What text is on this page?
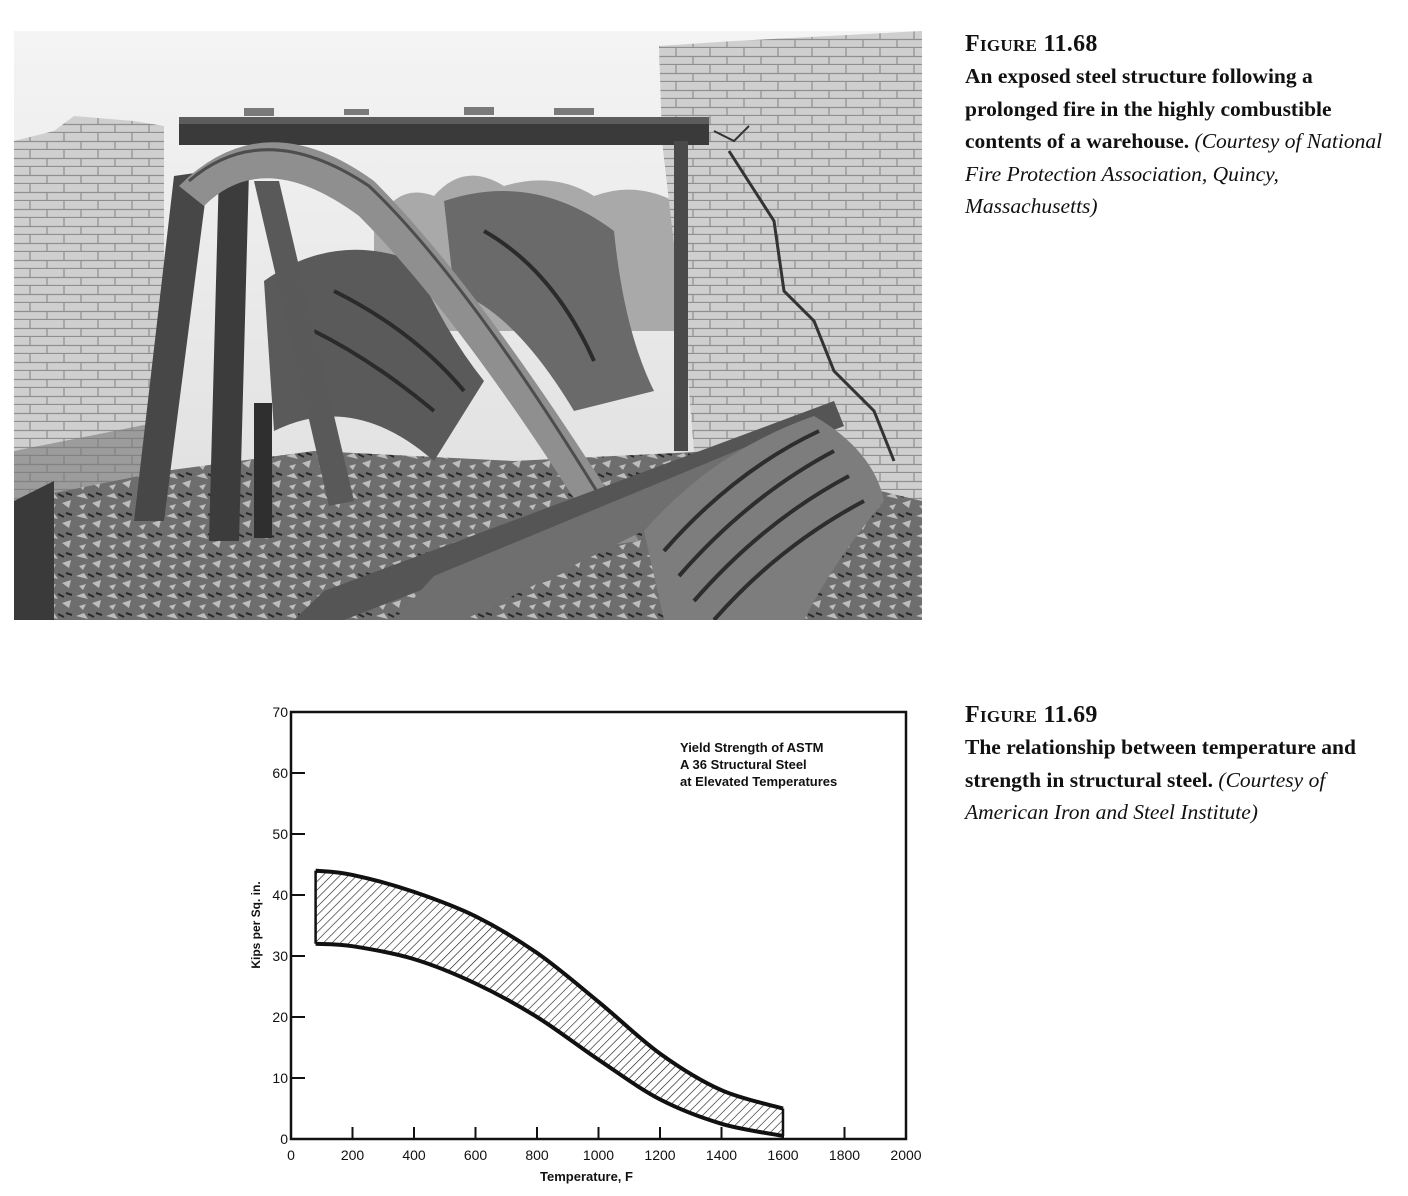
Figure 11.68
An exposed steel structure following a prolonged fire in the highly combustible contents of a warehouse. (Courtesy of National Fire Protection Association, Quincy, Massachusetts)
0
10
20
30
40
50
60
70
0	200	400	600	800 1000 1200 1400 1600 1800 2000
Yield Strength of ASTM
A 36 Structural Steel
at Elevated Temperatures
Temperature, F
Kips per Sq. in.
Figure 11.69
The relationship between temperature and strength in structural steel. (Courtesy of American Iron and Steel Institute)
